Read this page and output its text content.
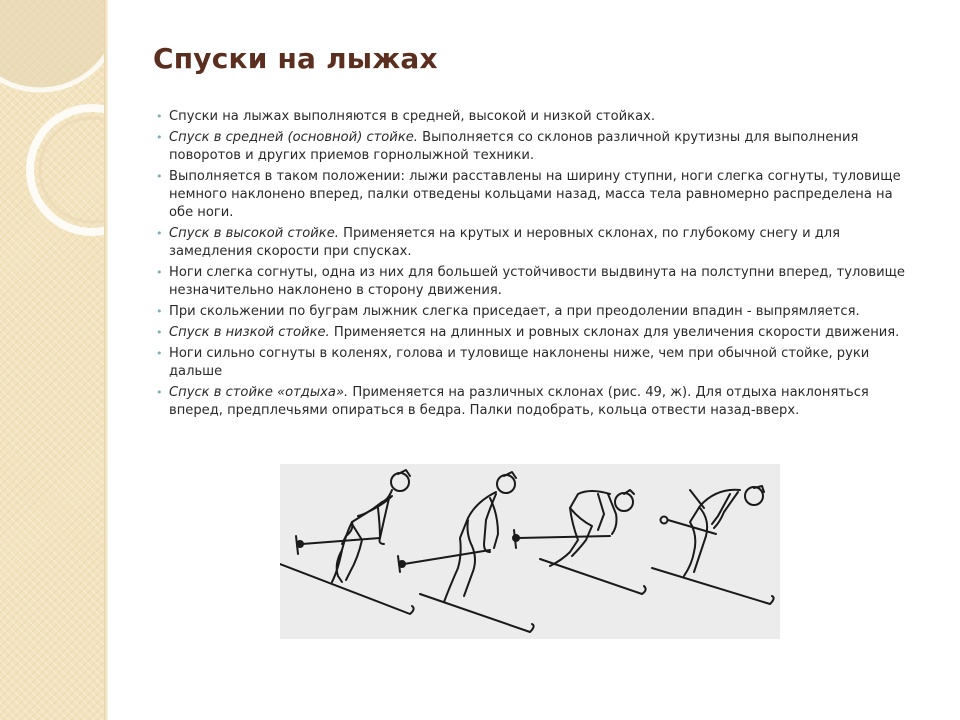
Спуски на лыжах
• Спуски на лыжах выполняются в средней, высокой и низкой стойках.
• Спуск в средней (основной) стойке. Выполняется со склонов различной крутизны для выполнения поворотов и других приемов горнолыжной техники.
• Выполняется в таком положении: лыжи расставлены на ширину ступни, ноги слегка согнуты, туловище немного наклонено вперед, палки отведены кольцами назад, масса тела равномерно распределена на обе ноги.
• Спуск в высокой стойке. Применяется на крутых и неровных склонах, по глубокому снегу и для замедления скорости при спусках.
• Ноги слегка согнуты, одна из них для большей устойчивости выдвинута на полступни вперед, туловище незначительно наклонено в сторону движения.
• При скольжении по буграм лыжник слегка приседает, а при преодолении впадин - выпрямляется.
• Спуск в низкой стойке. Применяется на длинных и ровных склонах для увеличения скорости движения.
• Ноги сильно согнуты в коленях, голова и туловище наклонены ниже, чем при обычной стойке, руки дальше
• Спуск в стойке «отдыха». Применяется на различных склонах (рис. 49, ж). Для отдыха наклоняться вперед, предплечьями опираться в бедра. Палки подобрать, кольца отвести назад-вверх.
